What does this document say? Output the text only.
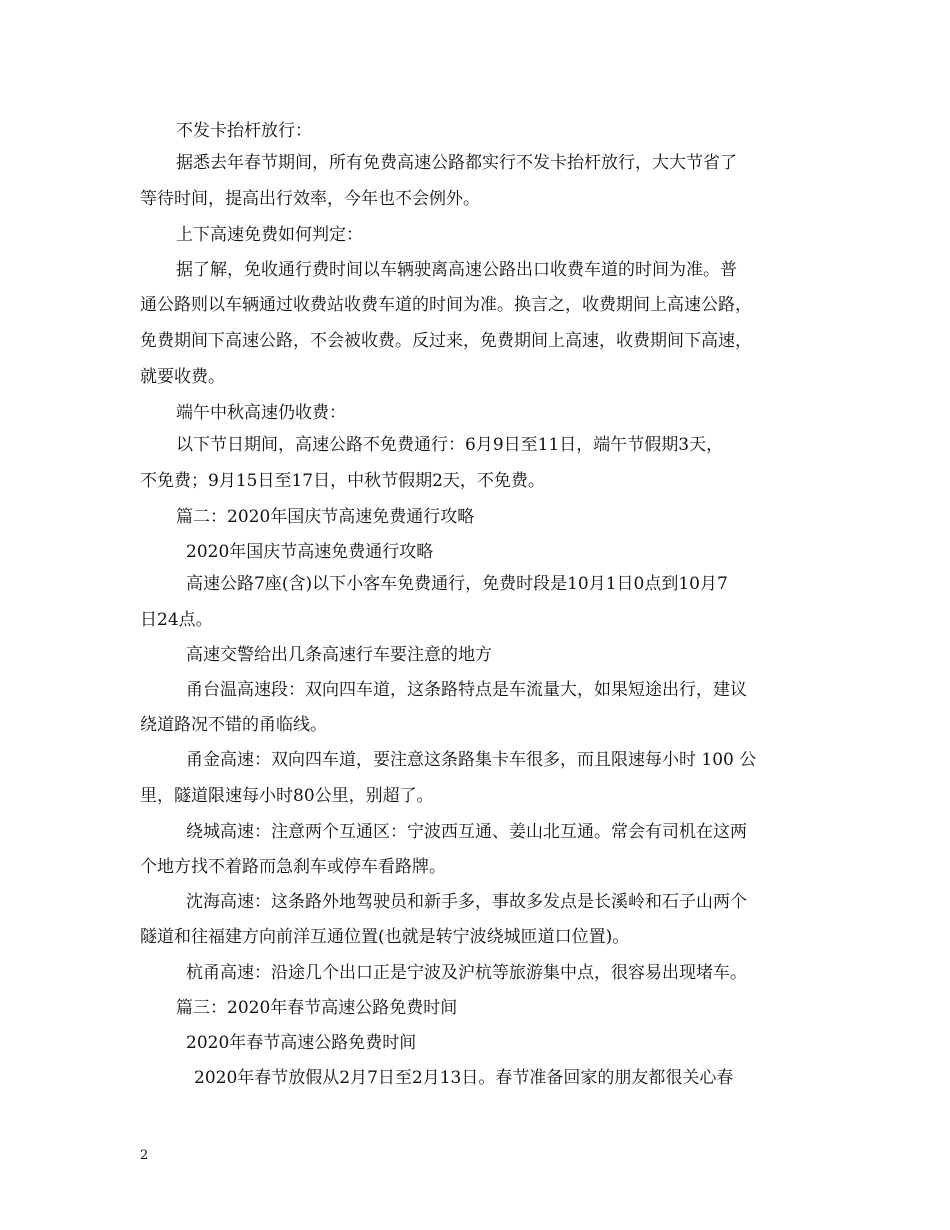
不发卡抬杆放行：
据悉去年春节期间，所有免费高速公路都实行不发卡抬杆放行，大大节省了
等待时间，提高出行效率，今年也不会例外。
上下高速免费如何判定：
据了解，免收通行费时间以车辆驶离高速公路出口收费车道的时间为准。普
通公路则以车辆通过收费站收费车道的时间为准。换言之，收费期间上高速公路，
免费期间下高速公路，不会被收费。反过来，免费期间上高速，收费期间下高速，
就要收费。
端午中秋高速仍收费：
以下节日期间，高速公路不免费通行：6月9日至11日，端午节假期3天，
不免费；9月15日至17日，中秋节假期2天，不免费。
篇二：2020年国庆节高速免费通行攻略
2020年国庆节高速免费通行攻略
高速公路7座(含)以下小客车免费通行，免费时段是10月1日0点到10月7
日24点。
高速交警给出几条高速行车要注意的地方
甬台温高速段：双向四车道，这条路特点是车流量大，如果短途出行，建议
绕道路况不错的甬临线。
甬金高速：双向四车道，要注意这条路集卡车很多，而且限速每小时 100 公
里，隧道限速每小时80公里，别超了。
绕城高速：注意两个互通区：宁波西互通、姜山北互通。常会有司机在这两
个地方找不着路而急刹车或停车看路牌。
沈海高速：这条路外地驾驶员和新手多，事故多发点是长溪岭和石子山两个
隧道和往福建方向前洋互通位置(也就是转宁波绕城匝道口位置)。
杭甬高速：沿途几个出口正是宁波及沪杭等旅游集中点，很容易出现堵车。
篇三：2020年春节高速公路免费时间
2020年春节高速公路免费时间
2020年春节放假从2月7日至2月13日。春节准备回家的朋友都很关心春
2
